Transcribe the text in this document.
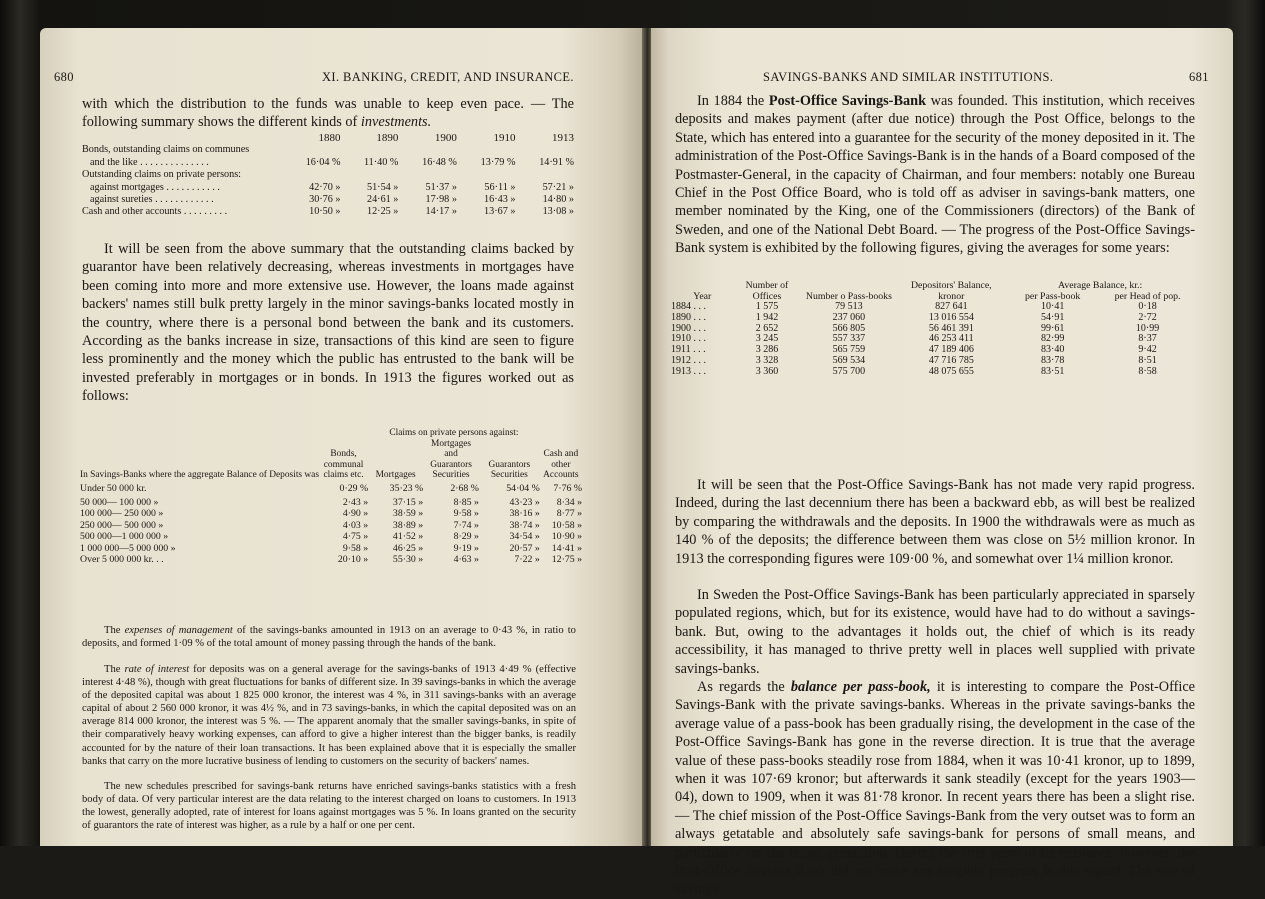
680	XI. BANKING, CREDIT, AND INSURANCE.
with which the distribution to the funds was unable to keep even pace. — The following summary shows the different kinds of investments.
	1880	1890	1900	1910	1913
Bonds, outstanding claims on communes					
and the like . . . . . . . . . . . . . .	16·04 %	11·40 %	16·48 %	13·79 %	14·91 %
Outstanding claims on private persons:					
against mortgages . . . . . . . . . . .	42·70 »	51·54 »	51·37 »	56·11 »	57·21 »
against sureties . . . . . . . . . . . .	30·76 »	24·61 »	17·98 »	16·43 »	14·80 »
Cash and other accounts . . . . . . . . .	10·50 »	12·25 »	14·17 »	13·67 »	13·08 »
It will be seen from the above summary that the outstanding claims backed by guarantor have been relatively decreasing, whereas investments in mortgages have been coming into more and more extensive use. However, the loans made against backers' names still bulk pretty largely in the minor savings-banks located mostly in the country, where there is a personal bond between the bank and its customers. According as the banks increase in size, transactions of this kind are seen to figure less prominently and the money which the public has entrusted to the bank will be invested preferably in mortgages or in bonds. In 1913 the figures worked out as follows:
In Savings-Banks where the aggregate Balance of Deposits was	Bonds, communal claims etc.	Claims on private persons against:			Cash and other Accounts
		Mortgages	Mortgages and Guarantors Securities	Guarantors Securities	
Under 50 000 kr.	0·29 %	35·23 %	2·68 %	54·04 %	7·76 %
50 000— 100 000 »	2·43 »	37·15 »	8·85 »	43·23 »	8·34 »
100 000— 250 000 »	4·90 »	38·59 »	9·58 »	38·16 »	8·77 »
250 000— 500 000 »	4·03 »	38·89 »	7·74 »	38·74 »	10·58 »
500 000—1 000 000 »	4·75 »	41·52 »	8·29 »	34·54 »	10·90 »
1 000 000—5 000 000 »	9·58 »	46·25 »	9·19 »	20·57 »	14·41 »
Over 5 000 000 kr. . .	20·10 »	55·30 »	4·63 »	7·22 »	12·75 »
The expenses of management of the savings-banks amounted in 1913 on an average to 0·43 %, in ratio to deposits, and formed 1·09 % of the total amount of money passing through the hands of the bank.
The rate of interest for deposits was on a general average for the savings-banks of 1913 4·49 % (effective interest 4·48 %), though with great fluctuations for banks of different size. In 39 savings-banks in which the average of the deposited capital was about 1 825 000 kronor, the interest was 4 %, in 311 savings-banks with an average capital of about 2 560 000 kronor, it was 4½ %, and in 73 savings-banks, in which the capital deposited was on an average 814 000 kronor, the interest was 5 %. — The apparent anomaly that the smaller savings-banks, in spite of their comparatively heavy working expenses, can afford to give a higher interest than the bigger banks, is readily accounted for by the nature of their loan transactions. It has been explained above that it is especially the smaller banks that carry on the more lucrative business of lending to customers on the security of backers' names.
The new schedules prescribed for savings-bank returns have enriched savings-banks statistics with a fresh body of data. Of very particular interest are the data relating to the interest charged on loans to customers. In 1913 the lowest, generally adopted, rate of interest for loans against mortgages was 5 %. In loans granted on the security of guarantors the rate of interest was higher, as a rule by a half or one per cent.
SAVINGS-BANKS AND SIMILAR INSTITUTIONS.	681
In 1884 the Post-Office Savings-Bank was founded. This institution, which receives deposits and makes payment (after due notice) through the Post Office, belongs to the State, which has entered into a guarantee for the security of the money deposited in it. The administration of the Post-Office Savings-Bank is in the hands of a Board composed of the Postmaster-General, in the capacity of Chairman, and four members: notably one Bureau Chief in the Post Office Board, who is told off as adviser in savings-bank matters, one member nominated by the King, one of the Commissioners (directors) of the Bank of Sweden, and one of the National Debt Board. — The progress of the Post-Office Savings-Bank system is exhibited by the following figures, giving the averages for some years:
Year	Number of Offices	Number o Pass-books	Depositors' Balance, kronor	Average Balance, kr.:	
				per Pass-book	per Head of pop.
1884 . . .	1 575	79 513	827 641	10·41	0·18
1890 . . .	1 942	237 060	13 016 554	54·91	2·72
1900 . . .	2 652	566 805	56 461 391	99·61	10·99
1910 . . .	3 245	557 337	46 253 411	82·99	8·37
1911 . . .	3 286	565 759	47 189 406	83·40	9·42
1912 . . .	3 328	569 534	47 716 785	83·78	8·51
1913 . . .	3 360	575 700	48 075 655	83·51	8·58
It will be seen that the Post-Office Savings-Bank has not made very rapid progress. Indeed, during the last decennium there has been a backward ebb, as will best be realized by comparing the withdrawals and the deposits. In 1900 the withdrawals were as much as 140 % of the deposits; the difference between them was close on 5½ million kronor. In 1913 the corresponding figures were 109·00 %, and somewhat over 1¼ million kronor.
In Sweden the Post-Office Savings-Bank has been particularly appreciated in sparsely populated regions, which, but for its existence, would have had to do without a savings-bank. But, owing to the advantages it holds out, the chief of which is its ready accessibility, it has managed to thrive pretty well in places well supplied with private savings-banks.
As regards the balance per pass-book, it is interesting to compare the Post-Office Savings-Bank with the private savings-banks. Whereas in the private savings-banks the average value of a pass-book has been gradually rising, the development in the case of the Post-Office Savings-Bank has gone in the reverse direction. It is true that the average value of these pass-books steadily rose from 1884, when it was 10·41 kronor, up to 1899, when it was 107·69 kronor; but afterwards it sank steadily (except for the years 1903—04), down to 1909, when it was 81·78 kronor. In recent years there has been a slight rise. — The chief mission of the Post-Office Savings-Bank from the very outset was to form an always getatable and absolutely safe savings-bank for persons of small means, and particularly for the rising generation. During the first years of its existence, however, the Post-Office Savings-Bank did not make any tangible progress in this regard. The sale of savings-
